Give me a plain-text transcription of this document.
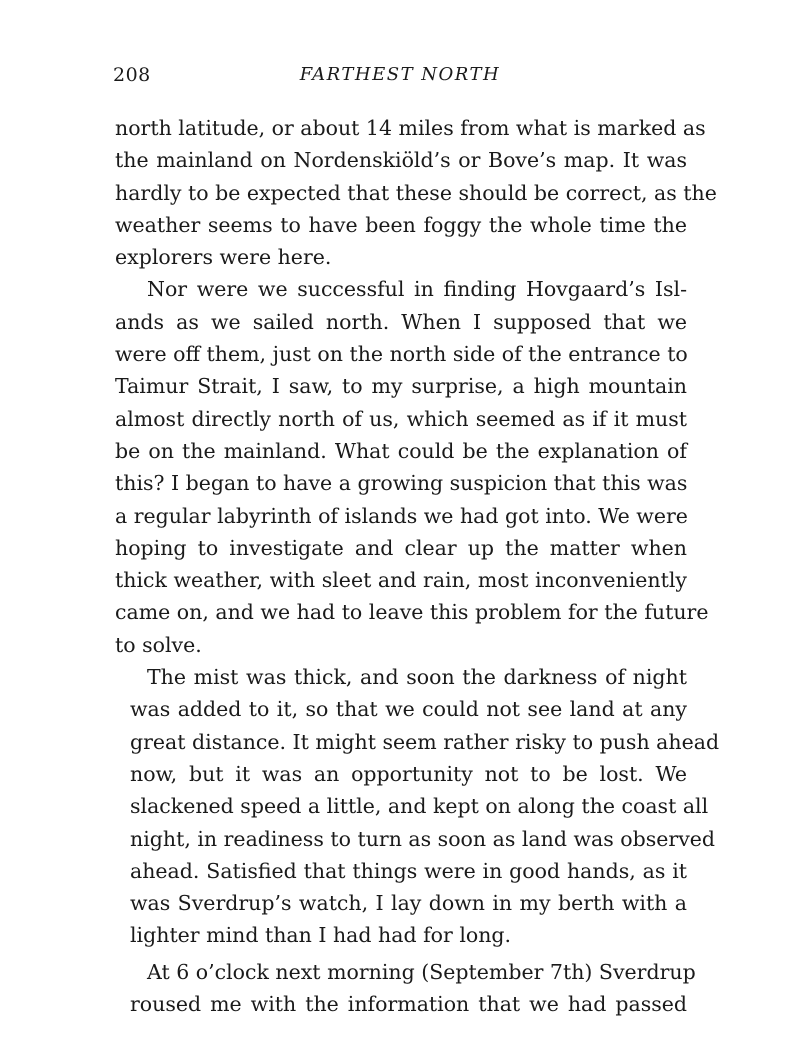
208	FARTHEST NORTH
north latitude, or about 14 miles from what is marked as
the mainland on Nordenskiöld’s or Bove’s map. It was
hardly to be expected that these should be correct, as the
weather seems to have been foggy the whole time the
explorers were here.
Nor were we successful in finding Hovgaard’s Isl-
ands as we sailed north. When I supposed that we
were off them, just on the north side of the entrance to
Taimur Strait, I saw, to my surprise, a high mountain
almost directly north of us, which seemed as if it must
be on the mainland. What could be the explanation of
this? I began to have a growing suspicion that this was
a regular labyrinth of islands we had got into. We were
hoping to investigate and clear up the matter when
thick weather, with sleet and rain, most inconveniently
came on, and we had to leave this problem for the future
to solve.
The mist was thick, and soon the darkness of night
was added to it, so that we could not see land at any
great distance. It might seem rather risky to push ahead
now, but it was an opportunity not to be lost. We
slackened speed a little, and kept on along the coast all
night, in readiness to turn as soon as land was observed
ahead. Satisfied that things were in good hands, as it
was Sverdrup’s watch, I lay down in my berth with a
lighter mind than I had had for long.
At 6 o’clock next morning (September 7th) Sverdrup
roused me with the information that we had passed
